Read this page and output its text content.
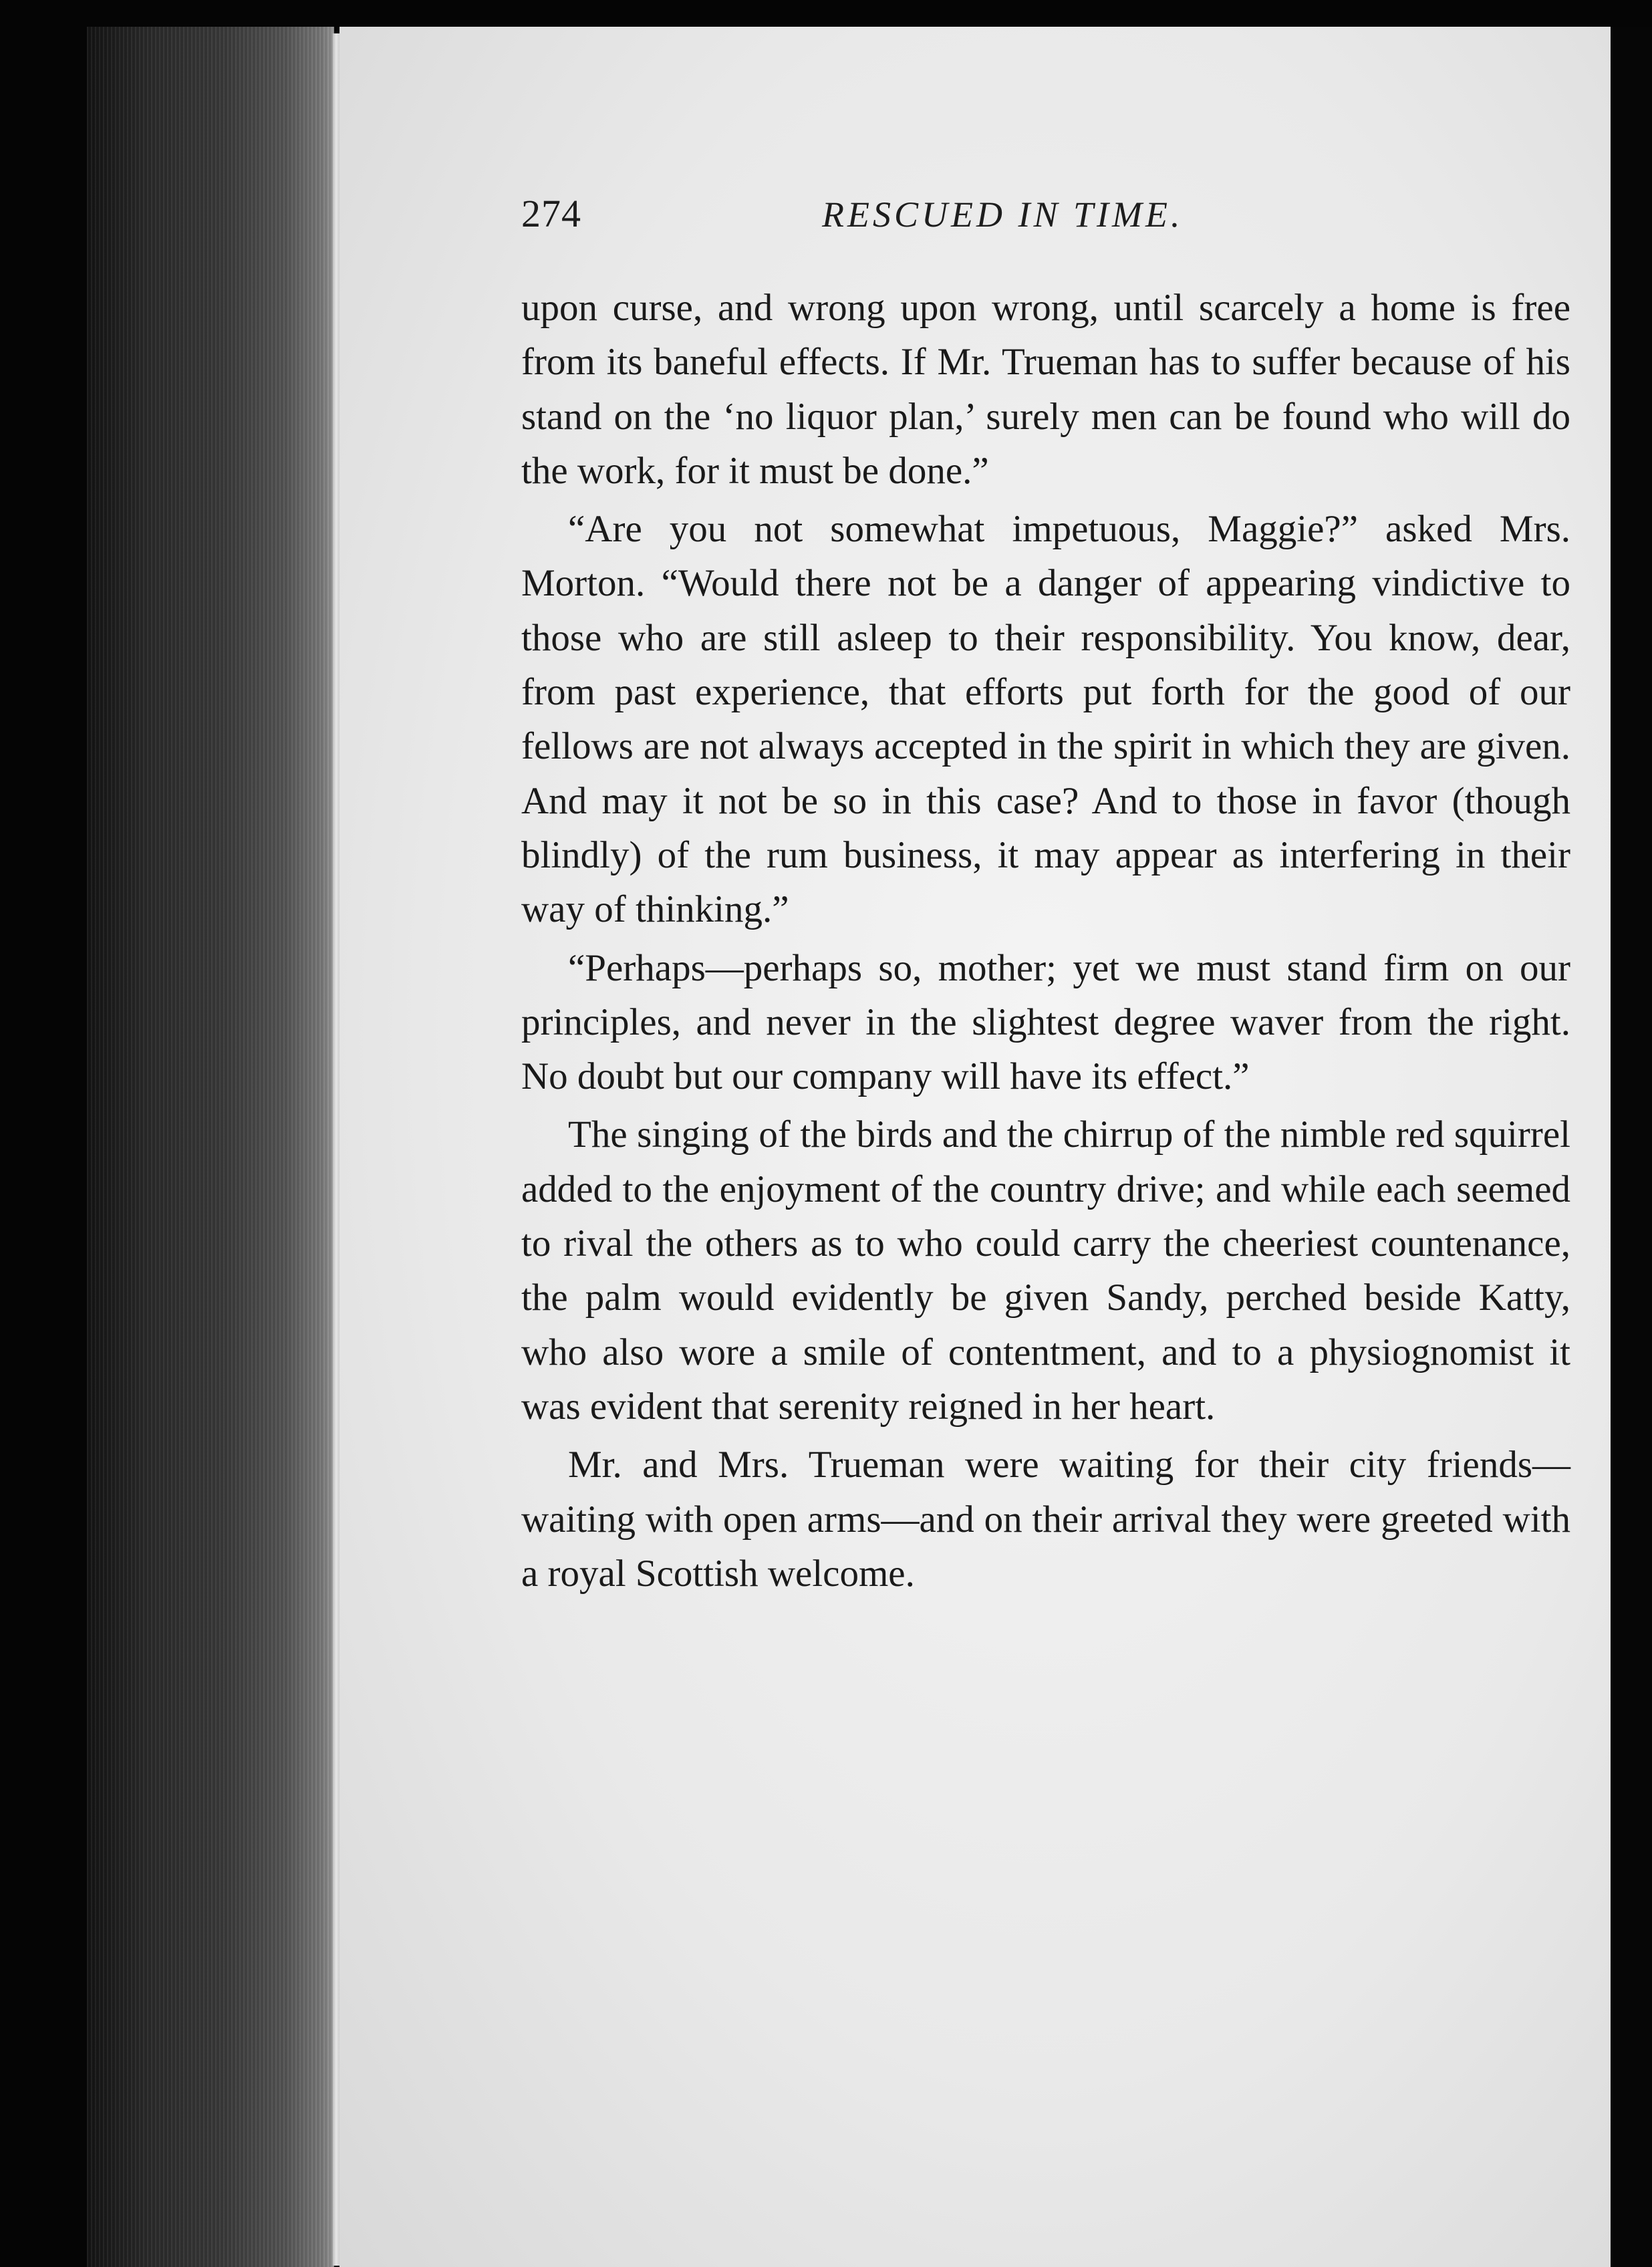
274	RESCUED IN TIME.

upon curse, and wrong upon wrong, until scarcely a home is free from its baneful effects. If Mr. Trueman has to suffer because of his stand on the ‘no liquor plan,’ surely men can be found who will do the work, for it must be done.”

“Are you not somewhat impetuous, Maggie?” asked Mrs. Morton. “Would there not be a danger of appearing vindictive to those who are still asleep to their responsibility. You know, dear, from past experience, that efforts put forth for the good of our fellows are not always accepted in the spirit in which they are given. And may it not be so in this case? And to those in favor (though blindly) of the rum business, it may appear as interfering in their way of thinking.”

“Perhaps—perhaps so, mother; yet we must stand firm on our principles, and never in the slightest degree waver from the right. No doubt but our company will have its effect.”

The singing of the birds and the chirrup of the nimble red squirrel added to the enjoyment of the country drive; and while each seemed to rival the others as to who could carry the cheeriest countenance, the palm would evidently be given Sandy, perched beside Katty, who also wore a smile of contentment, and to a physiognomist it was evident that serenity reigned in her heart.

Mr. and Mrs. Trueman were waiting for their city friends—waiting with open arms—and on their arrival they were greeted with a royal Scottish welcome.
